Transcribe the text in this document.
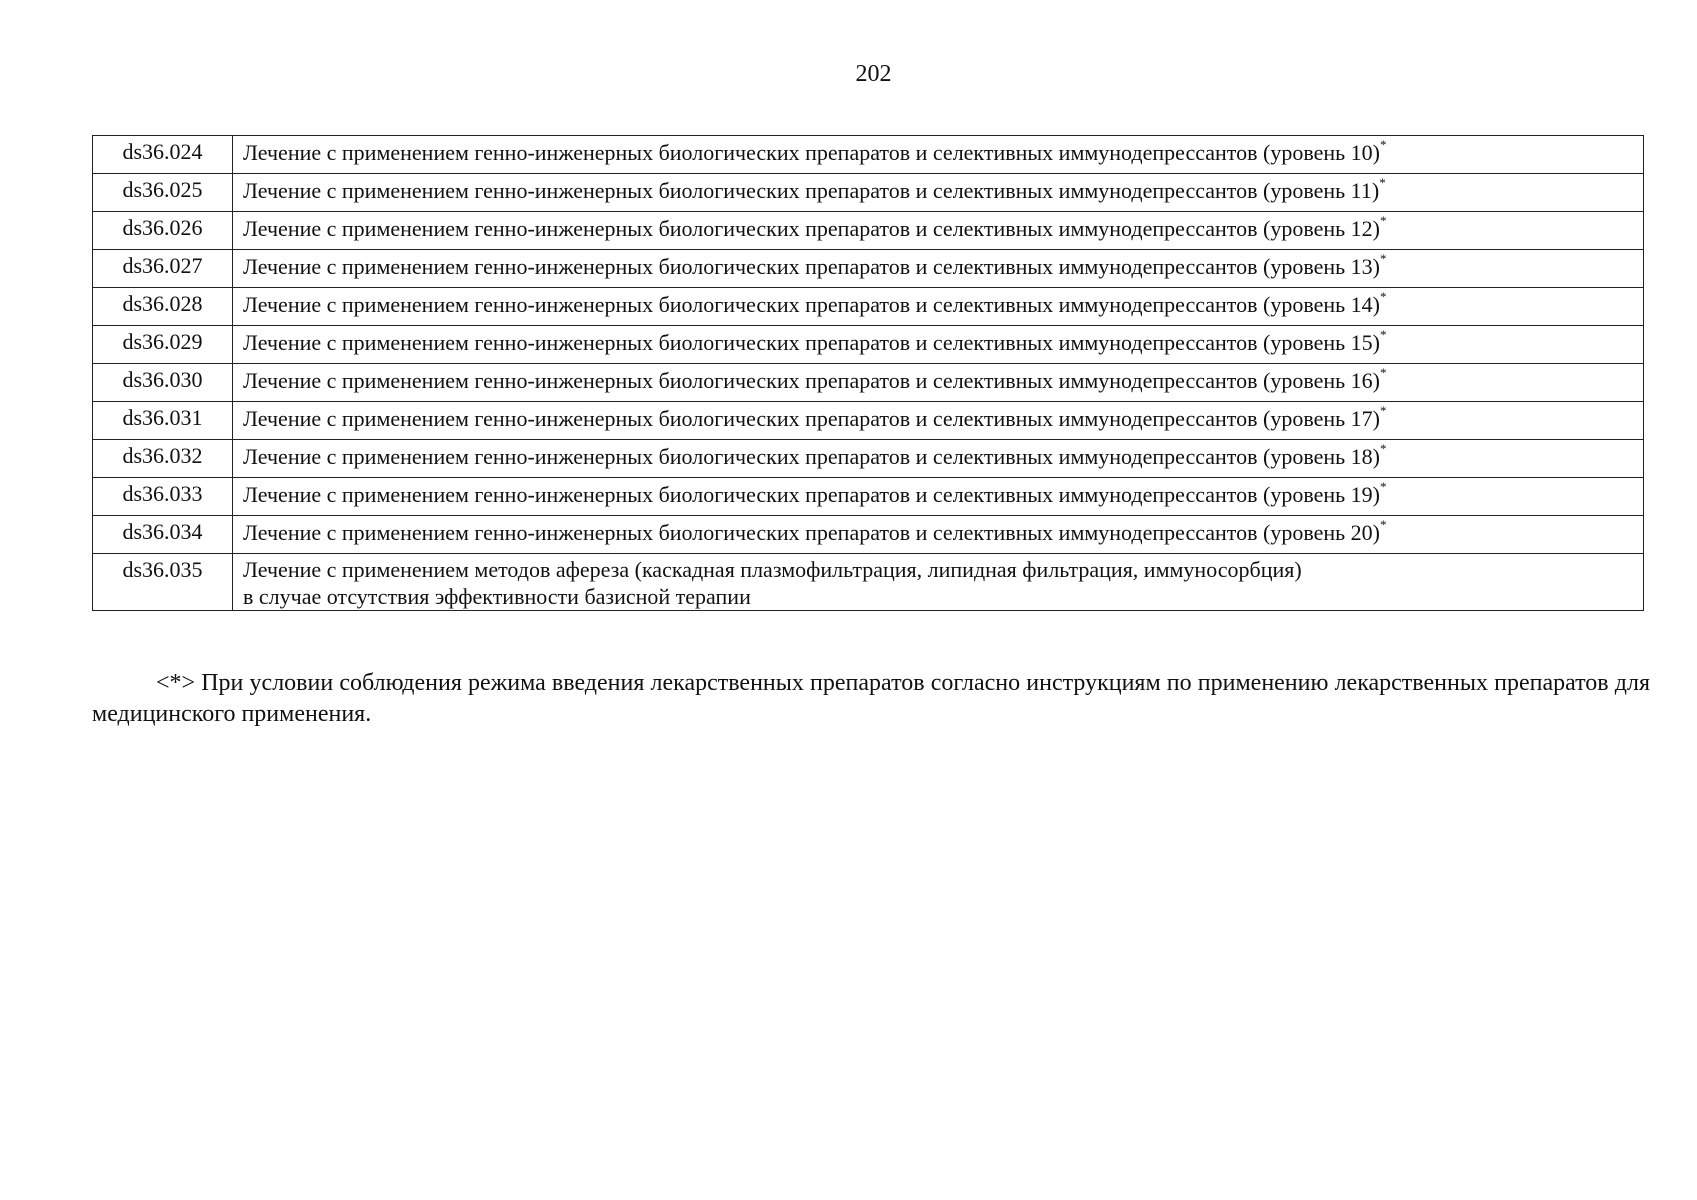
202
ds36.024	Лечение с применением генно-инженерных биологических препаратов и селективных иммунодепрессантов (уровень 10)*
ds36.025	Лечение с применением генно-инженерных биологических препаратов и селективных иммунодепрессантов (уровень 11)*
ds36.026	Лечение с применением генно-инженерных биологических препаратов и селективных иммунодепрессантов (уровень 12)*
ds36.027	Лечение с применением генно-инженерных биологических препаратов и селективных иммунодепрессантов (уровень 13)*
ds36.028	Лечение с применением генно-инженерных биологических препаратов и селективных иммунодепрессантов (уровень 14)*
ds36.029	Лечение с применением генно-инженерных биологических препаратов и селективных иммунодепрессантов (уровень 15)*
ds36.030	Лечение с применением генно-инженерных биологических препаратов и селективных иммунодепрессантов (уровень 16)*
ds36.031	Лечение с применением генно-инженерных биологических препаратов и селективных иммунодепрессантов (уровень 17)*
ds36.032	Лечение с применением генно-инженерных биологических препаратов и селективных иммунодепрессантов (уровень 18)*
ds36.033	Лечение с применением генно-инженерных биологических препаратов и селективных иммунодепрессантов (уровень 19)*
ds36.034	Лечение с применением генно-инженерных биологических препаратов и селективных иммунодепрессантов (уровень 20)*
ds36.035	Лечение с применением методов афереза (каскадная плазмофильтрация, липидная фильтрация, иммуносорбция)
в случае отсутствия эффективности базисной терапии

<*> При условии соблюдения режима введения лекарственных препаратов согласно инструкциям по применению лекарственных препаратов для медицинского применения.
